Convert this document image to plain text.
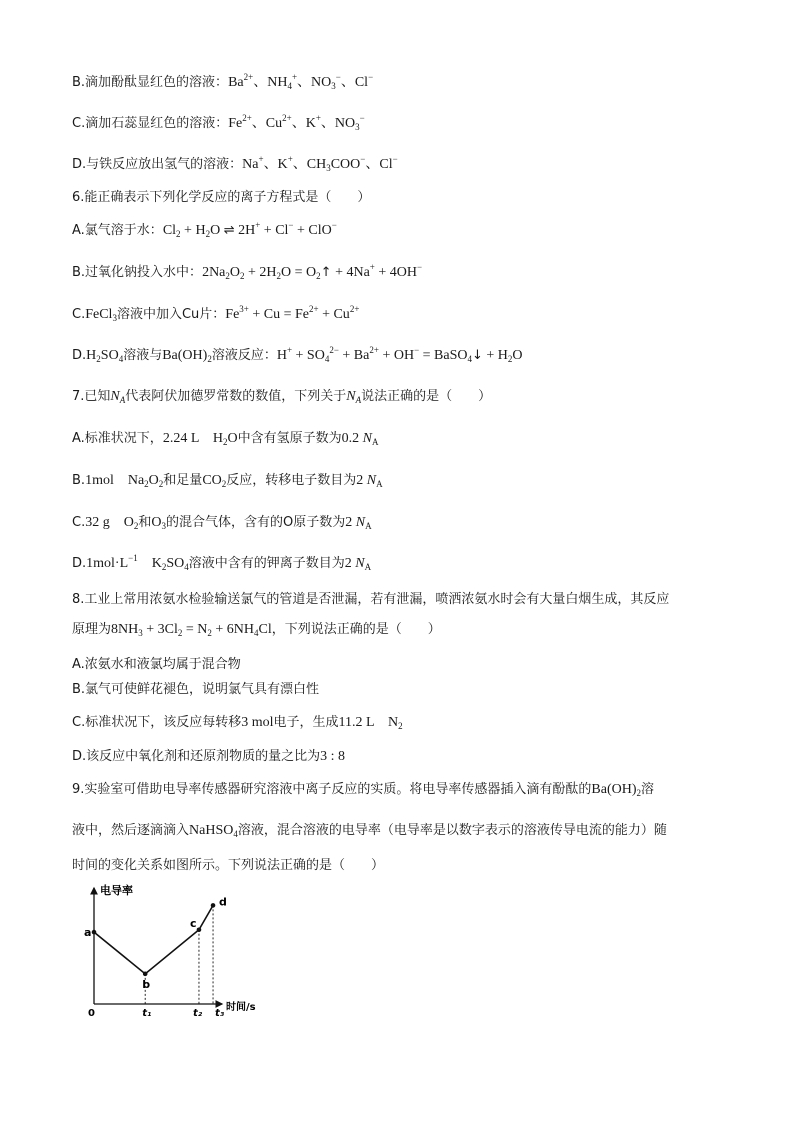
B.滴加酚酞显红色的溶液：$Ba^{2+}$、$NH_4^+$、$NO_3^-$、Cl−
C.滴加石蕊显红色的溶液：$Fe^{2+}$、$Cu^{2+}$、K+、$NO_3^-$
D.与铁反应放出氢气的溶液：Na+、K+、$CH_3COO^-$、Cl−
6.能正确表示下列化学反应的离子方程式是（　　）
A.氯气溶于水：$Cl_2 + H_2O$ ⇌ 2H+ + Cl− + ClO−
B.过氧化钠投入水中：$2Na_2O_2 + 2H_2O$ = $O_2↑ + 4Na^+ + 4OH^-$
C.FeCl$_3$溶液中加入Cu片：$Fe^{3+} + Cu = Fe^{2+} + Cu^{2+}$
$D.H_2SO_4$溶液与$Ba(OH)_2$溶液反应：$H^+ + SO_4^{2-} + Ba^{2+} + OH^-$ = BaSO$_4$↓ + $H_2O$
7.已知$N_A$代表阿伏加德罗常数的数值，下列关于$N_A$说法正确的是（　　）
A.标准状况下，2.24 L　$H_2O$中含有氢原子数为0.2 $N_A$
B.1mol　$Na_2O_2$和足量$CO_2$反应，转移电子数目为2 $N_A$
C.32 g　$O_2$和$O_3$的混合气体，含有的O原子数为2 $N_A$
$D.1mol\cdot L^{-1}$　$K_2SO_4$溶液中含有的钾离子数目为2 $N_A$
8.工业上常用浓氨水检验输送氯气的管道是否泄漏，若有泄漏，喷洒浓氨水时会有大量白烟生成，其反应
原理为$8NH_3 + 3Cl_2 = N_2 + 6NH_4Cl$，下列说法正确的是（　　）
A.浓氨水和液氯均属于混合物
B.氯气可使鲜花褪色，说明氯气具有漂白性
C.标准状况下，该反应每转移3 mol电子，生成11.2 L　$N_2$
D.该反应中氧化剂和还原剂物质的量之比为3 : 8
9.实验室可借助电导率传感器研究溶液中离子反应的实质。将电导率传感器插入滴有酚酞的$Ba(OH)_2$溶
液中，然后逐滴滴入NaHSO$_4$溶液，混合溶液的电导率（电导率是以数字表示的溶液传导电流的能力）随
时间的变化关系如图所示。下列说法正确的是（　　）
电导率
时间/s
0	t₁	t₂ t₃
a
b
c
d
